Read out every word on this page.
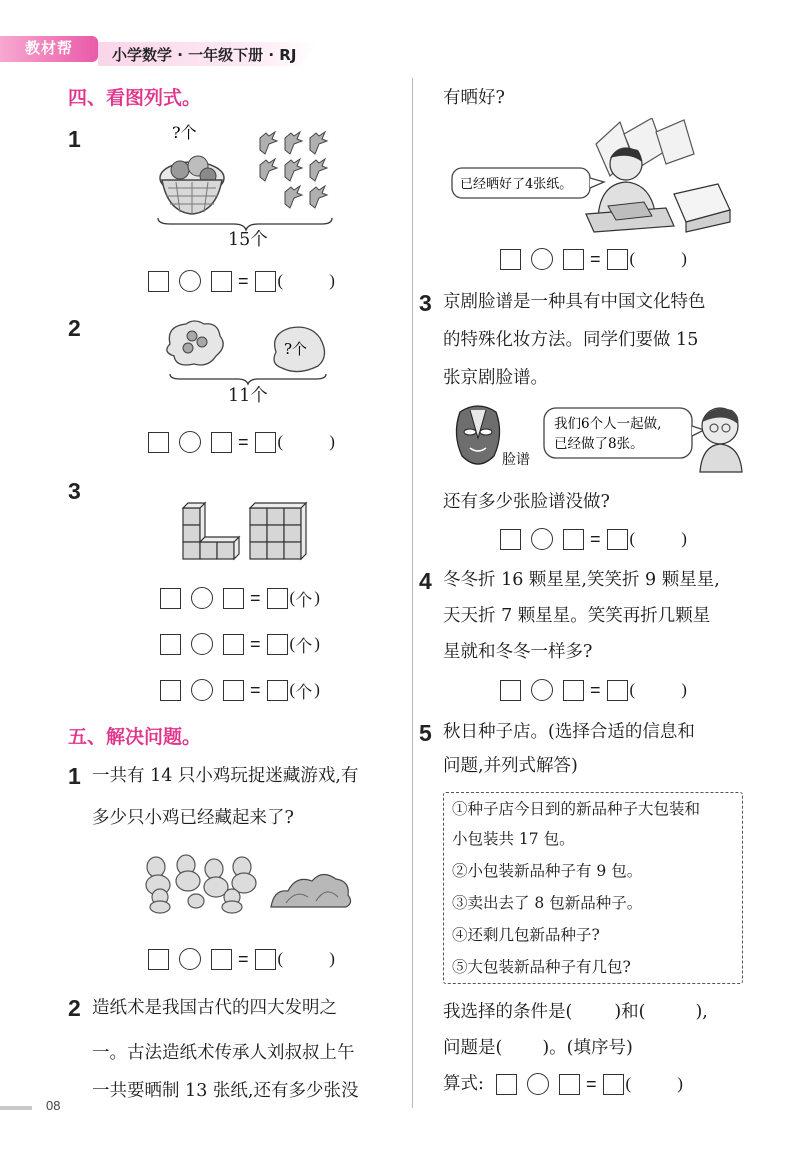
教材帮	小学数学 · 一年级下册 · RJ
四、看图列式。
1	?个
15个
= (	)
2
?个
11个
= (	)
3
= ( 个 )
= ( 个 )
= ( 个 )
五、解决问题。
1 一共有 14 只小鸡玩捉迷藏游戏,有
多少只小鸡已经藏起来了?
= (	)
2 造纸术是我国古代的四大发明之
一。古法造纸术传承人刘叔叔上午
一共要晒制 13 张纸,还有多少张没
08
有晒好?
已经晒好了4张纸。
= (	)
3 京剧脸谱是一种具有中国文化特色
的特殊化妆方法。同学们要做 15
张京剧脸谱。
脸谱
我们6个人一起做,
已经做了8张。
还有多少张脸谱没做?
= (	)
4 冬冬折 16 颗星星,笑笑折 9 颗星星,
天天折 7 颗星星。笑笑再折几颗星
星就和冬冬一样多?
= (	)
5 秋日种子店。(选择合适的信息和
问题,并列式解答)
①种子店今日到的新品种子大包装和
小包装共 17 包。
②小包装新品种子有 9 包。
③卖出去了 8 包新品种子。
④还剩几包新品种子?
⑤大包装新品种子有几包?
我选择的条件是( )和(	),
问题是( )。(填序号)
算式:	= (	)
